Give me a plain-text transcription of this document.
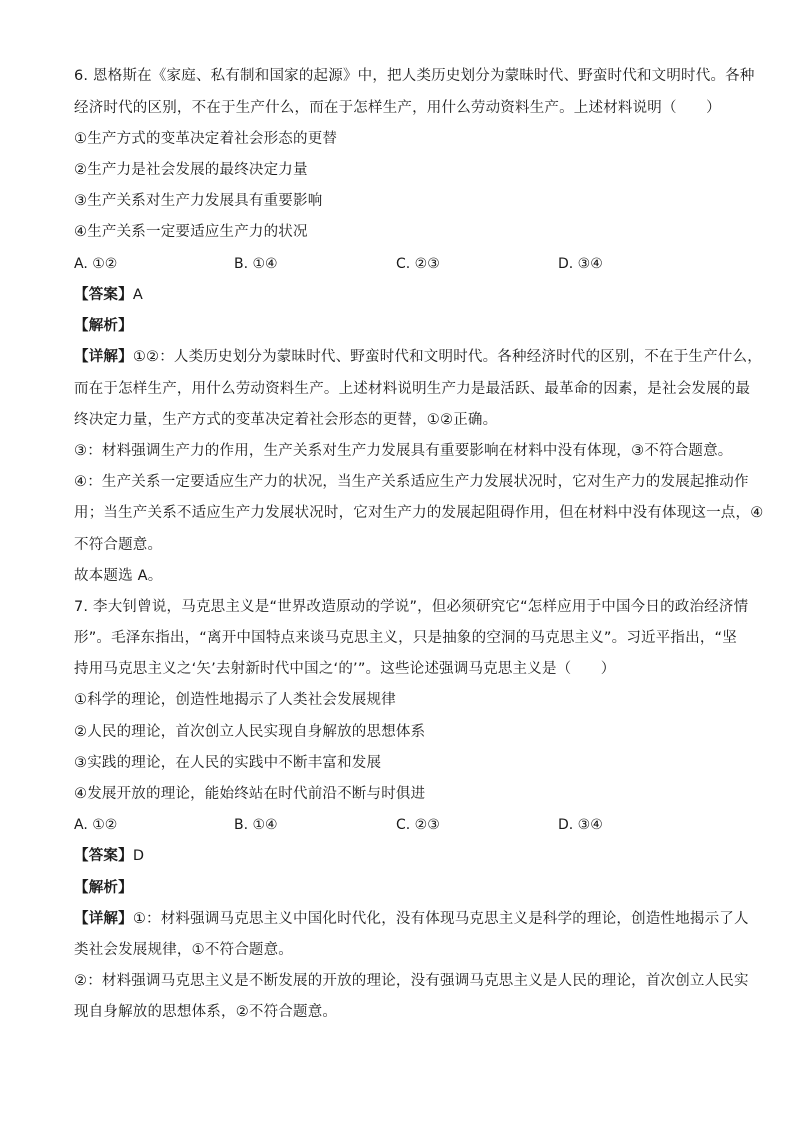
6. 恩格斯在《家庭、私有制和国家的起源》中，把人类历史划分为蒙昧时代、野蛮时代和文明时代。各种
经济时代的区别，不在于生产什么，而在于怎样生产，用什么劳动资料生产。上述材料说明（　　）
①生产方式的变革决定着社会形态的更替
②生产力是社会发展的最终决定力量
③生产关系对生产力发展具有重要影响
④生产关系一定要适应生产力的状况
A. ①②	B. ①④	C. ②③	D. ③④
【答案】A
【解析】
【详解】①②：人类历史划分为蒙昧时代、野蛮时代和文明时代。各种经济时代的区别，不在于生产什么，
而在于怎样生产，用什么劳动资料生产。上述材料说明生产力是最活跃、最革命的因素，是社会发展的最
终决定力量，生产方式的变革决定着社会形态的更替，①②正确。
③：材料强调生产力的作用，生产关系对生产力发展具有重要影响在材料中没有体现，③不符合题意。
④：生产关系一定要适应生产力的状况，当生产关系适应生产力发展状况时，它对生产力的发展起推动作
用；当生产关系不适应生产力发展状况时，它对生产力的发展起阻碍作用，但在材料中没有体现这一点，④
不符合题意。
故本题选 A。
7. 李大钊曾说，马克思主义是“世界改造原动的学说”，但必须研究它“怎样应用于中国今日的政治经济情
形”。毛泽东指出，“离开中国特点来谈马克思主义，只是抽象的空洞的马克思主义”。习近平指出，“坚
持用马克思主义之‘矢’去射新时代中国之‘的’”。这些论述强调马克思主义是（　　）
①科学的理论，创造性地揭示了人类社会发展规律
②人民的理论，首次创立人民实现自身解放的思想体系
③实践的理论，在人民的实践中不断丰富和发展
④发展开放的理论，能始终站在时代前沿不断与时俱进
A. ①②	B. ①④	C. ②③	D. ③④
【答案】D
【解析】
【详解】①：材料强调马克思主义中国化时代化，没有体现马克思主义是科学的理论，创造性地揭示了人
类社会发展规律，①不符合题意。
②：材料强调马克思主义是不断发展的开放的理论，没有强调马克思主义是人民的理论，首次创立人民实
现自身解放的思想体系，②不符合题意。
